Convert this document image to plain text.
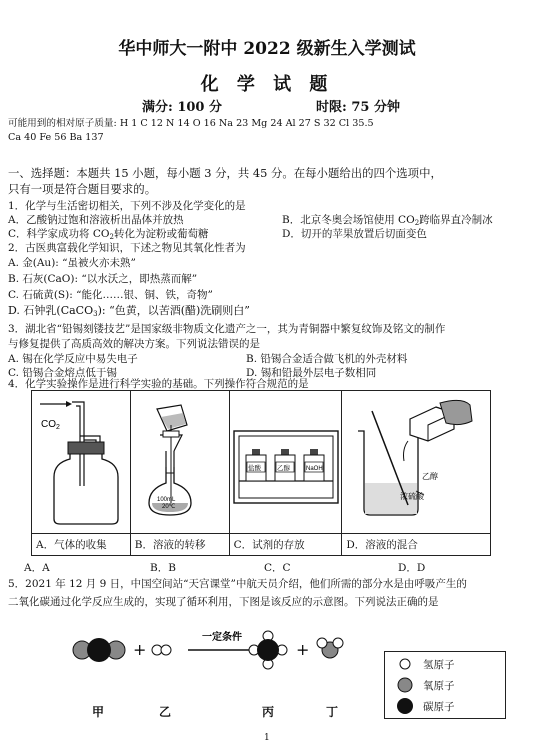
华中师大一附中 2022 级新生入学测试
化 学 试 题
满分: 100 分	时限: 75 分钟
可能用到的相对原子质量: H 1 C 12 N 14 O 16 Na 23 Mg 24 Al 27 S 32 Cl 35.5
Ca 40 Fe 56 Ba 137
一、选择题：本题共 15 小题，每小题 3 分，共 45 分。在每小题给出的四个选项中，
只有一项是符合题目要求的。
1．化学与生活密切相关，下列不涉及化学变化的是
A．乙酸钠过饱和溶液析出晶体并放热	B．北京冬奥会场馆使用 $CO_2$跨临界直冷制冰
C．科学家成功将 $CO_2$转化为淀粉或葡萄糖	D．切开的苹果放置后切面变色
2．古医典富载化学知识，下述之物见其氧化性者为
A. 金(Au): “虽被火亦未熟”
B. 石灰(CaO): “以水沃之，即热蒸而解”
C. 石硫黄(S): “能化……银、铜、铁，奇物”
D. 石钟乳(CaCO$_3$): “色黄，以苦酒(醋)洗刷则白”
3．湖北省“铅锡刻镂技艺”是国家级非物质文化遗产之一，其为青铜器中繁复纹饰及铭文的制作
与修复提供了高质高效的解决方案。下列说法错误的是
A. 锡在化学反应中易失电子	B. 铅锡合金适合做飞机的外壳材料
C. 铅锡合金熔点低于锡	D. 锡和铅最外层电子数相同
4．化学实验操作是进行科学实验的基础。下列操作符合规范的是
$CO_2$	100mL
20℃	盐酸 乙醇 NaOH	乙醇
浓硫酸

A．气体的收集	B．溶液的转移	C．试剂的存放	D．溶液的混合
A．A	B．B	C．C	D．D
5．2021 年 12 月 9 日，中国空间站“天宫课堂”中航天员介绍，他们所需的部分水是由呼吸产生的
二氧化碳通过化学反应生成的，实现了循环利用，下图是该反应的示意图。下列说法正确的是
+
一定条件
+
甲	乙	丙	丁
氢原子
氧原子
碳原子
1
